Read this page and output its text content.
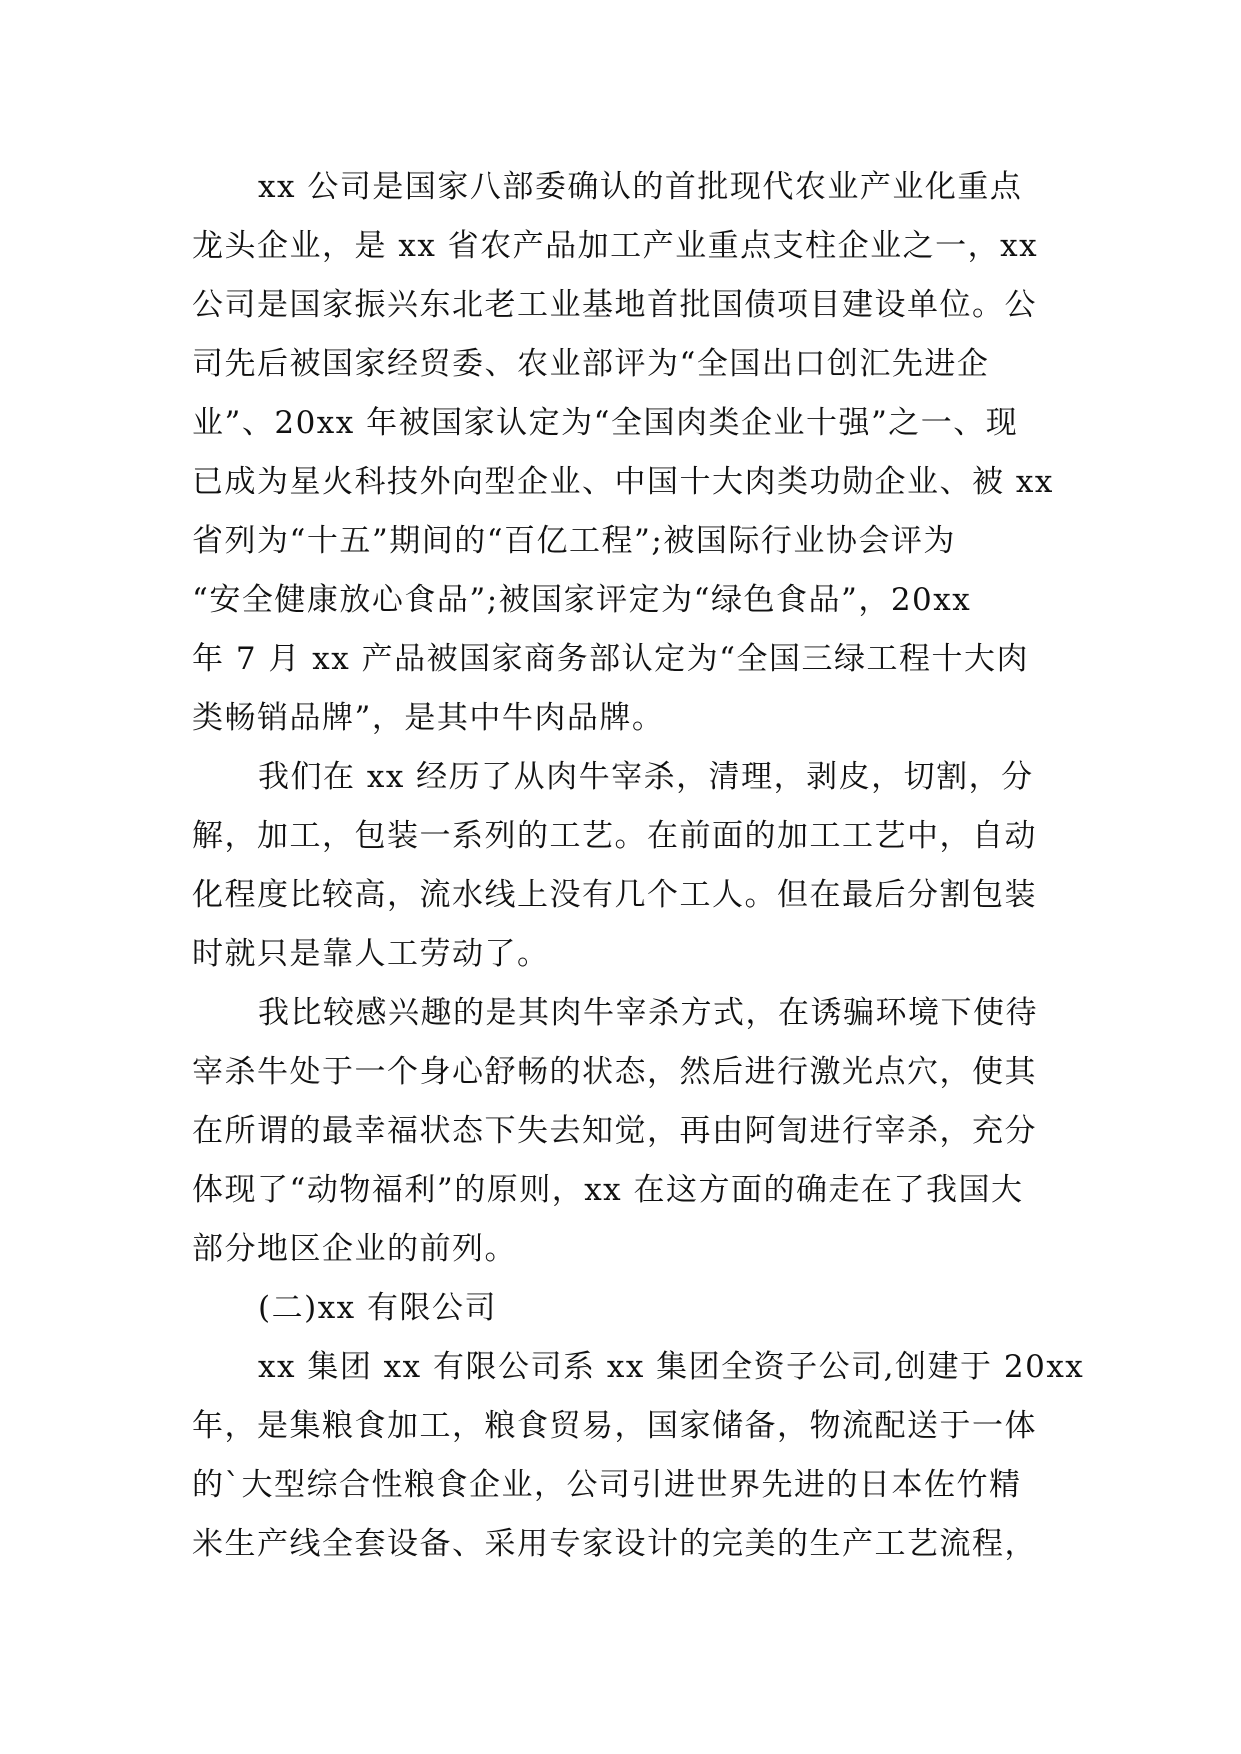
xx 公司是国家八部委确认的首批现代农业产业化重点
龙头企业，是 xx 省农产品加工产业重点支柱企业之一，xx
公司是国家振兴东北老工业基地首批国债项目建设单位。公
司先后被国家经贸委、农业部评为“全国出口创汇先进企
业”、20xx 年被国家认定为“全国肉类企业十强”之一、现
已成为星火科技外向型企业、中国十大肉类功勋企业、被 xx
省列为“十五”期间的“百亿工程”;被国际行业协会评为
“安全健康放心食品”;被国家评定为“绿色食品”，20xx
年 7 月 xx 产品被国家商务部认定为“全国三绿工程十大肉
类畅销品牌”，是其中牛肉品牌。

我们在 xx 经历了从肉牛宰杀，清理，剥皮，切割，分
解，加工，包装一系列的工艺。在前面的加工工艺中，自动
化程度比较高，流水线上没有几个工人。但在最后分割包装
时就只是靠人工劳动了。

我比较感兴趣的是其肉牛宰杀方式，在诱骗环境下使待
宰杀牛处于一个身心舒畅的状态，然后进行激光点穴，使其
在所谓的最幸福状态下失去知觉，再由阿訇进行宰杀，充分
体现了“动物福利”的原则，xx 在这方面的确走在了我国大
部分地区企业的前列。

(二)xx 有限公司

xx 集团 xx 有限公司系 xx 集团全资子公司,创建于 20xx
年，是集粮食加工，粮食贸易，国家储备，物流配送于一体
的`大型综合性粮食企业，公司引进世界先进的日本佐竹精
米生产线全套设备、采用专家设计的完美的生产工艺流程，
